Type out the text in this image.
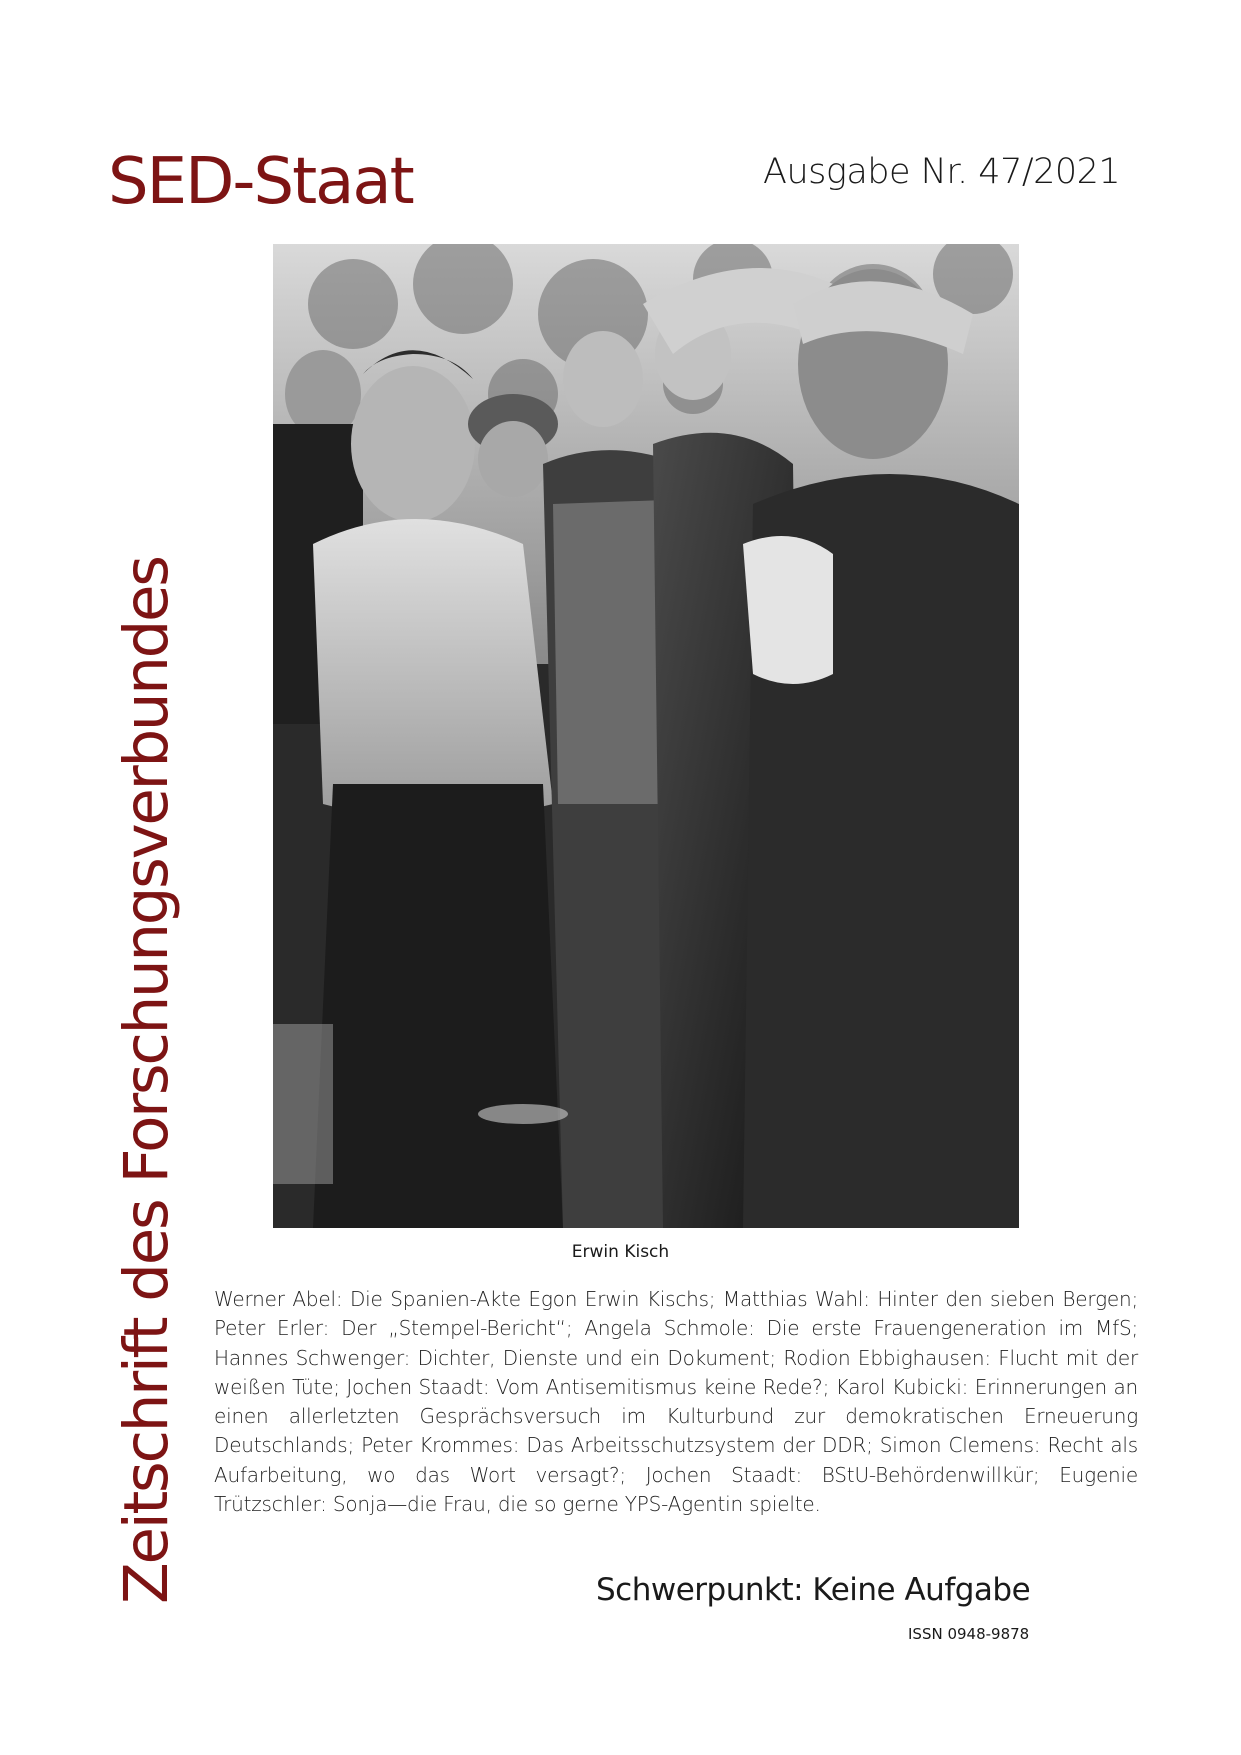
SED-Staat	Ausgabe Nr. 47/2021
Zeitschrift des Forschungsverbundes	Erwin Kisch
Werner Abel: Die Spanien-Akte Egon Erwin Kischs; Matthias Wahl: Hinter den sieben Bergen; Peter Erler: Der „Stempel-Bericht“; Angela Schmole: Die erste Frauengeneration im MfS; Hannes Schwenger: Dichter, Dienste und ein Dokument; Rodion Ebbighausen: Flucht mit der weißen Tüte; Jochen Staadt: Vom Antisemitismus keine Rede?; Karol Kubicki: Erinnerungen an einen allerletzten Gesprächsversuch im Kulturbund zur demokratischen Erneuerung Deutschlands; Peter Krommes: Das Arbeitsschutzsystem der DDR; Simon Clemens: Recht als Aufarbeitung, wo das Wort versagt?; Jochen Staadt: BStU-Behördenwillkür; Eugenie Trützschler: Sonja—die Frau, die so gerne YPS-Agentin spielte.
Schwerpunkt: Keine Aufgabe
ISSN 0948-9878
